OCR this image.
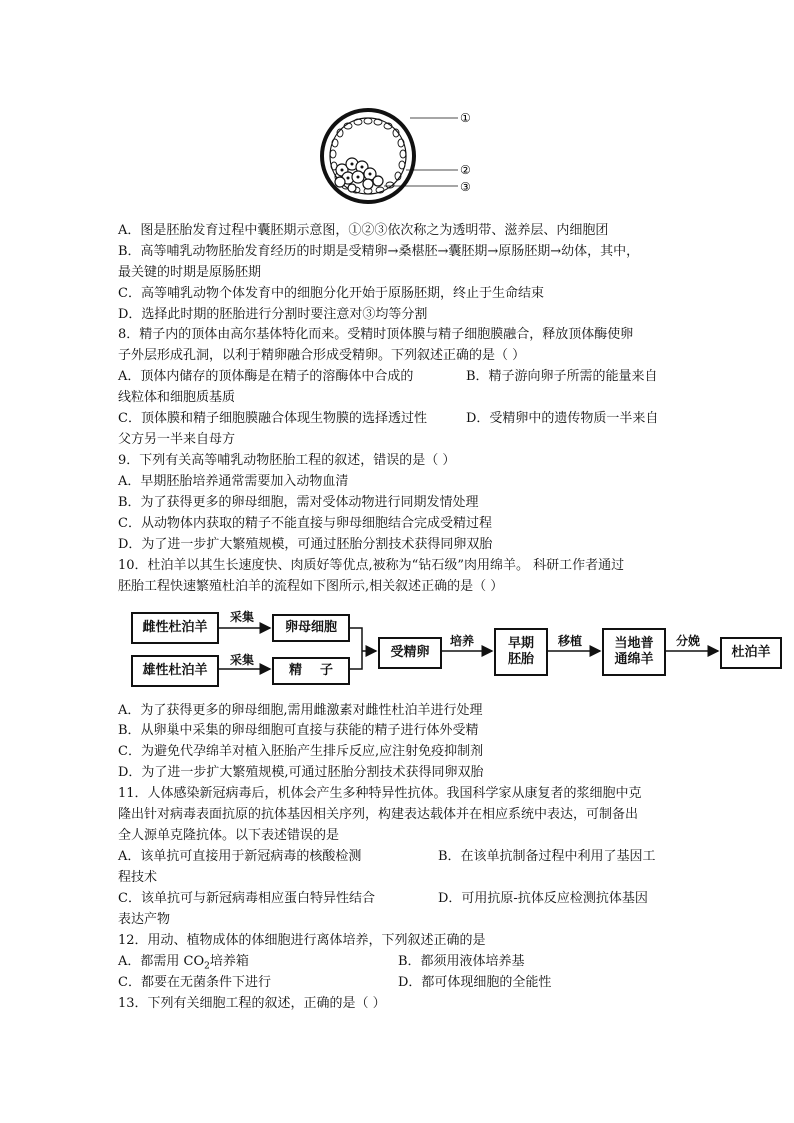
①
②
③
A．图是胚胎发育过程中囊胚期示意图，①②③依次称之为透明带、滋养层、内细胞团
B．高等哺乳动物胚胎发育经历的时期是受精卵→桑椹胚→囊胚期→原肠胚期→幼体，其中，
最关键的时期是原肠胚期
C．高等哺乳动物个体发育中的细胞分化开始于原肠胚期，终止于生命结束
D．选择此时期的胚胎进行分割时要注意对③均等分割
8．精子内的顶体由高尔基体特化而来。受精时顶体膜与精子细胞膜融合，释放顶体酶使卵
子外层形成孔洞，以利于精卵融合形成受精卵。下列叙述正确的是（ ）
A．顶体内储存的顶体酶是在精子的溶酶体中合成的	B．精子游向卵子所需的能量来自
线粒体和细胞质基质
C．顶体膜和精子细胞膜融合体现生物膜的选择透过性	D．受精卵中的遗传物质一半来自
父方另一半来自母方
9．下列有关高等哺乳动物胚胎工程的叙述，错误的是（ ）
A．早期胚胎培养通常需要加入动物血清
B．为了获得更多的卵母细胞，需对受体动物进行同期发情处理
C．从动物体内获取的精子不能直接与卵母细胞结合完成受精过程
D．为了进一步扩大繁殖规模，可通过胚胎分割技术获得同卵双胎
10．杜泊羊以其生长速度快、肉质好等优点,被称为“钻石级”肉用绵羊。 科研工作者通过
胚胎工程快速繁殖杜泊羊的流程如下图所示,相关叙述正确的是（ ）
雌性杜泊羊
雄性杜泊羊
采集
采集
卵母细胞
精    子
受精卵
培养	早期
胚胎
移植 当地普
通绵羊
分娩
杜泊羊
A．为了获得更多的卵母细胞,需用雌激素对雌性杜泊羊进行处理
B．从卵巢中采集的卵母细胞可直接与获能的精子进行体外受精
C．为避免代孕绵羊对植入胚胎产生排斥反应,应注射免疫抑制剂
D．为了进一步扩大繁殖规模,可通过胚胎分割技术获得同卵双胎
11．人体感染新冠病毒后，机体会产生多种特异性抗体。我国科学家从康复者的浆细胞中克
隆出针对病毒表面抗原的抗体基因相关序列，构建表达载体并在相应系统中表达，可制备出
全人源单克隆抗体。以下表述错误的是
A．该单抗可直接用于新冠病毒的核酸检测	B．在该单抗制备过程中利用了基因工
程技术
C．该单抗可与新冠病毒相应蛋白特异性结合	D．可用抗原-抗体反应检测抗体基因
表达产物
12．用动、植物成体的体细胞进行离体培养，下列叙述正确的是
A．都需用 $CO_2$培养箱	B．都须用液体培养基
C．都要在无菌条件下进行	D．都可体现细胞的全能性
13．下列有关细胞工程的叙述，正确的是（ ）
